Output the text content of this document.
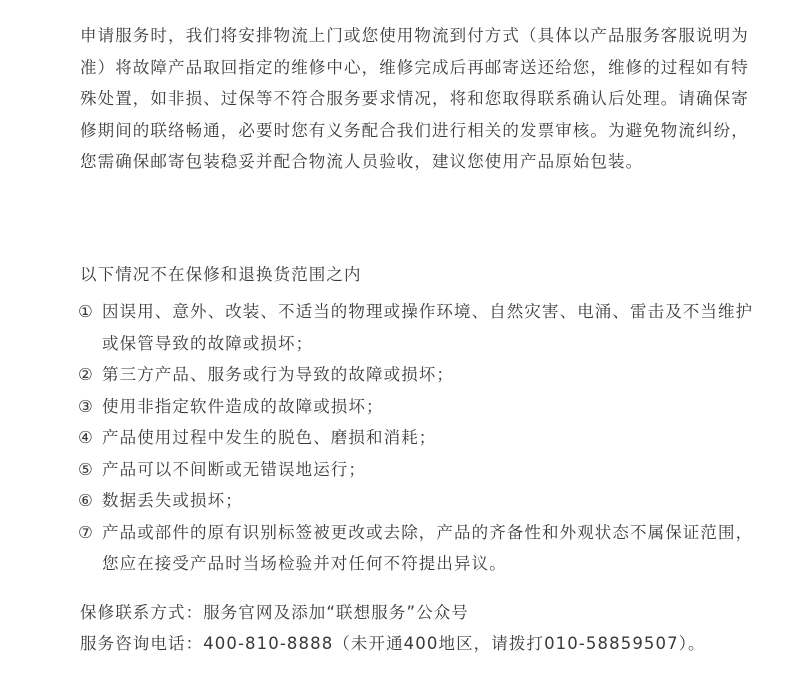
申请服务时，我们将安排物流上门或您使用物流到付方式（具体以产品服务客服说明为准）将故障产品取回指定的维修中心，维修完成后再邮寄送还给您，维修的过程如有特殊处置，如非损、过保等不符合服务要求情况，将和您取得联系确认后处理。请确保寄修期间的联络畅通，必要时您有义务配合我们进行相关的发票审核。为避免物流纠纷，您需确保邮寄包装稳妥并配合物流人员验收，建议您使用产品原始包装。

以下情况不在保修和退换货范围之内

① 因误用、意外、改装、不适当的物理或操作环境、自然灾害、电涌、雷击及不当维护或保管导致的故障或损坏；
② 第三方产品、服务或行为导致的故障或损坏；
③ 使用非指定软件造成的故障或损坏；
④ 产品使用过程中发生的脱色、磨损和消耗；
⑤ 产品可以不间断或无错误地运行；
⑥ 数据丢失或损坏；
⑦ 产品或部件的原有识别标签被更改或去除，产品的齐备性和外观状态不属保证范围，您应在接受产品时当场检验并对任何不符提出异议。
保修联系方式：服务官网及添加“联想服务”公众号
服务咨询电话：400-810-8888（未开通400地区，请拨打010-58859507）。
